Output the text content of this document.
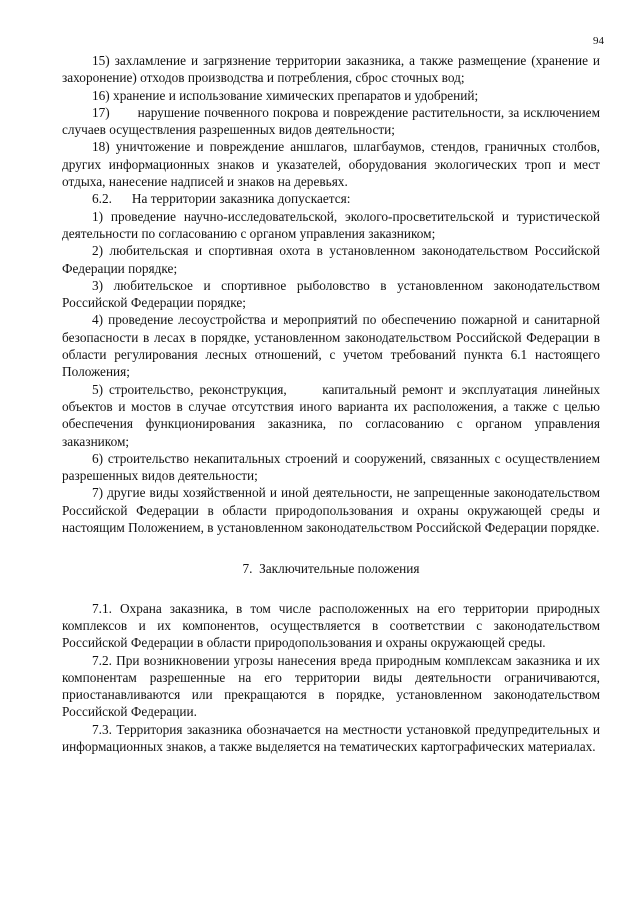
94

15) захламление и загрязнение территории заказника, а также размещение (хранение и захоронение) отходов производства и потребления, сброс сточных вод;

16) хранение и использование химических препаратов и удобрений;

17)       нарушение почвенного покрова и повреждение растительности, за исключением случаев осуществления разрешенных видов деятельности;

18) уничтожение и повреждение аншлагов, шлагбаумов, стендов, граничных столбов, других информационных знаков и указателей, оборудования экологических троп и мест отдыха, нанесение надписей и знаков на деревьях.

6.2.      На территории заказника допускается:

1) проведение научно-исследовательской, эколого-просветительской и туристической деятельности по согласованию с органом управления заказником;

2) любительская и спортивная охота в установленном законодательством Российской Федерации порядке;

3) любительское и спортивное рыболовство в установленном законодательством Российской Федерации порядке;

4) проведение лесоустройства и мероприятий по обеспечению пожарной и санитарной безопасности в лесах в порядке, установленном законодательством Российской Федерации в области регулирования лесных отношений, с учетом требований пункта 6.1 настоящего Положения;

5) строительство, реконструкция,      капитальный ремонт и эксплуатация линейных объектов и мостов в случае отсутствия иного варианта их расположения, а также с целью обеспечения функционирования заказника, по согласованию с органом управления заказником;

6) строительство некапитальных строений и сооружений, связанных с осуществлением разрешенных видов деятельности;

7) другие виды хозяйственной и иной деятельности, не запрещенные законодательством Российской Федерации в области природопользования и охраны окружающей среды и настоящим Положением, в установленном законодательством Российской Федерации порядке.

7.  Заключительные положения

7.1. Охрана заказника, в том числе расположенных на его территории природных комплексов и их компонентов, осуществляется в соответствии с законодательством Российской Федерации в области природопользования и охраны окружающей среды.

7.2. При возникновении угрозы нанесения вреда природным комплексам заказника и их компонентам разрешенные на его территории виды деятельности ограничиваются, приостанавливаются или прекращаются в порядке, установленном законодательством Российской Федерации.

7.3. Территория заказника обозначается на местности установкой предупредительных и информационных знаков, а также выделяется на тематических картографических материалах.
